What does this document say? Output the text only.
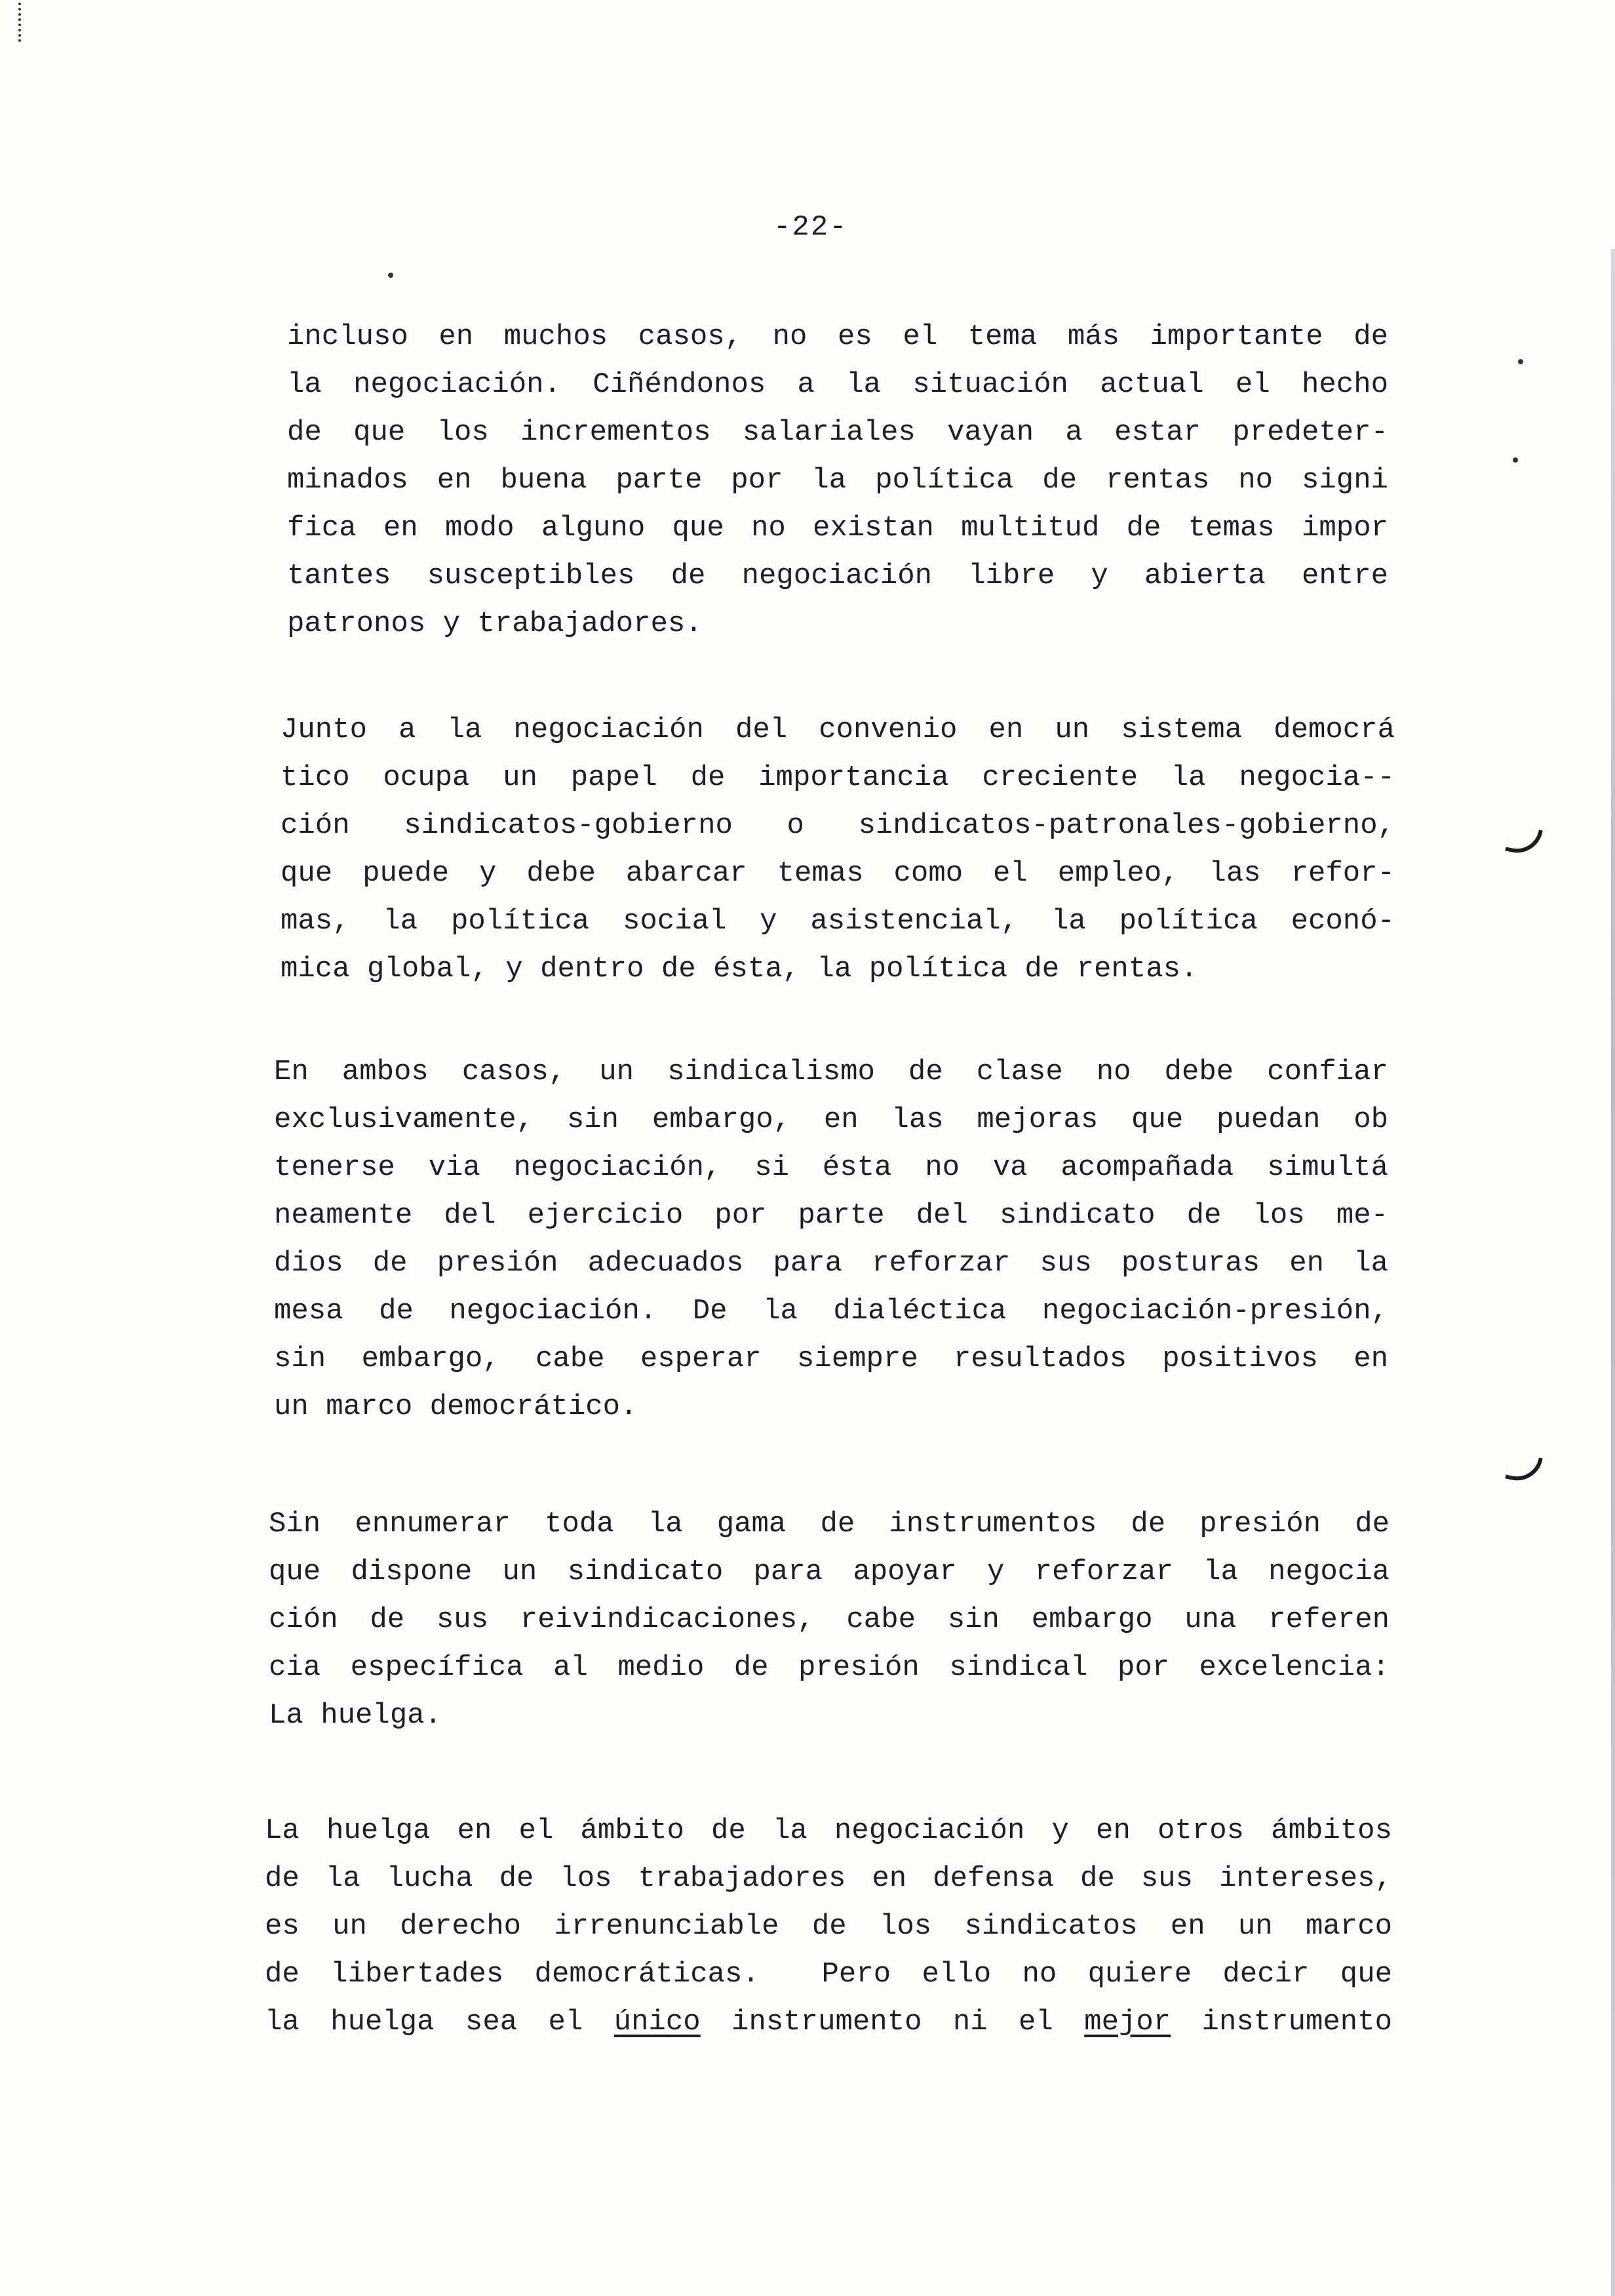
-22-
incluso en muchos casos, no es el tema más importante de
la negociación. Ciñéndonos a la situación actual el hecho
de que los incrementos salariales vayan a estar predeter-
minados en buena parte por la política de rentas no signi
fica en modo alguno que no existan multitud de temas impor
tantes susceptibles de negociación libre y abierta entre
patronos y trabajadores.
Junto a la negociación del convenio en un sistema democrá
tico ocupa un papel de importancia creciente la negocia--
ción sindicatos-gobierno o sindicatos-patronales-gobierno,
que puede y debe abarcar temas como el empleo, las refor-
mas, la política social y asistencial, la política econó-
mica global, y dentro de ésta, la política de rentas.
En ambos casos, un sindicalismo de clase no debe confiar
exclusivamente, sin embargo, en las mejoras que puedan ob
tenerse via negociación, si ésta no va acompañada simultá
neamente del ejercicio por parte del sindicato de los me-
dios de presión adecuados para reforzar sus posturas en la
mesa de negociación. De la dialéctica negociación-presión,
sin embargo, cabe esperar siempre resultados positivos en
un marco democrático.
Sin ennumerar toda la gama de instrumentos de presión de
que dispone un sindicato para apoyar y reforzar la negocia
ción de sus reivindicaciones, cabe sin embargo una referen
cia específica al medio de presión sindical por excelencia:
La huelga.
La huelga en el ámbito de la negociación y en otros ámbitos
de la lucha de los trabajadores en defensa de sus intereses,
es un derecho irrenunciable de los sindicatos en un marco
de libertades democráticas.  Pero ello no quiere decir que
la huelga sea el único instrumento ni el mejor instrumento
